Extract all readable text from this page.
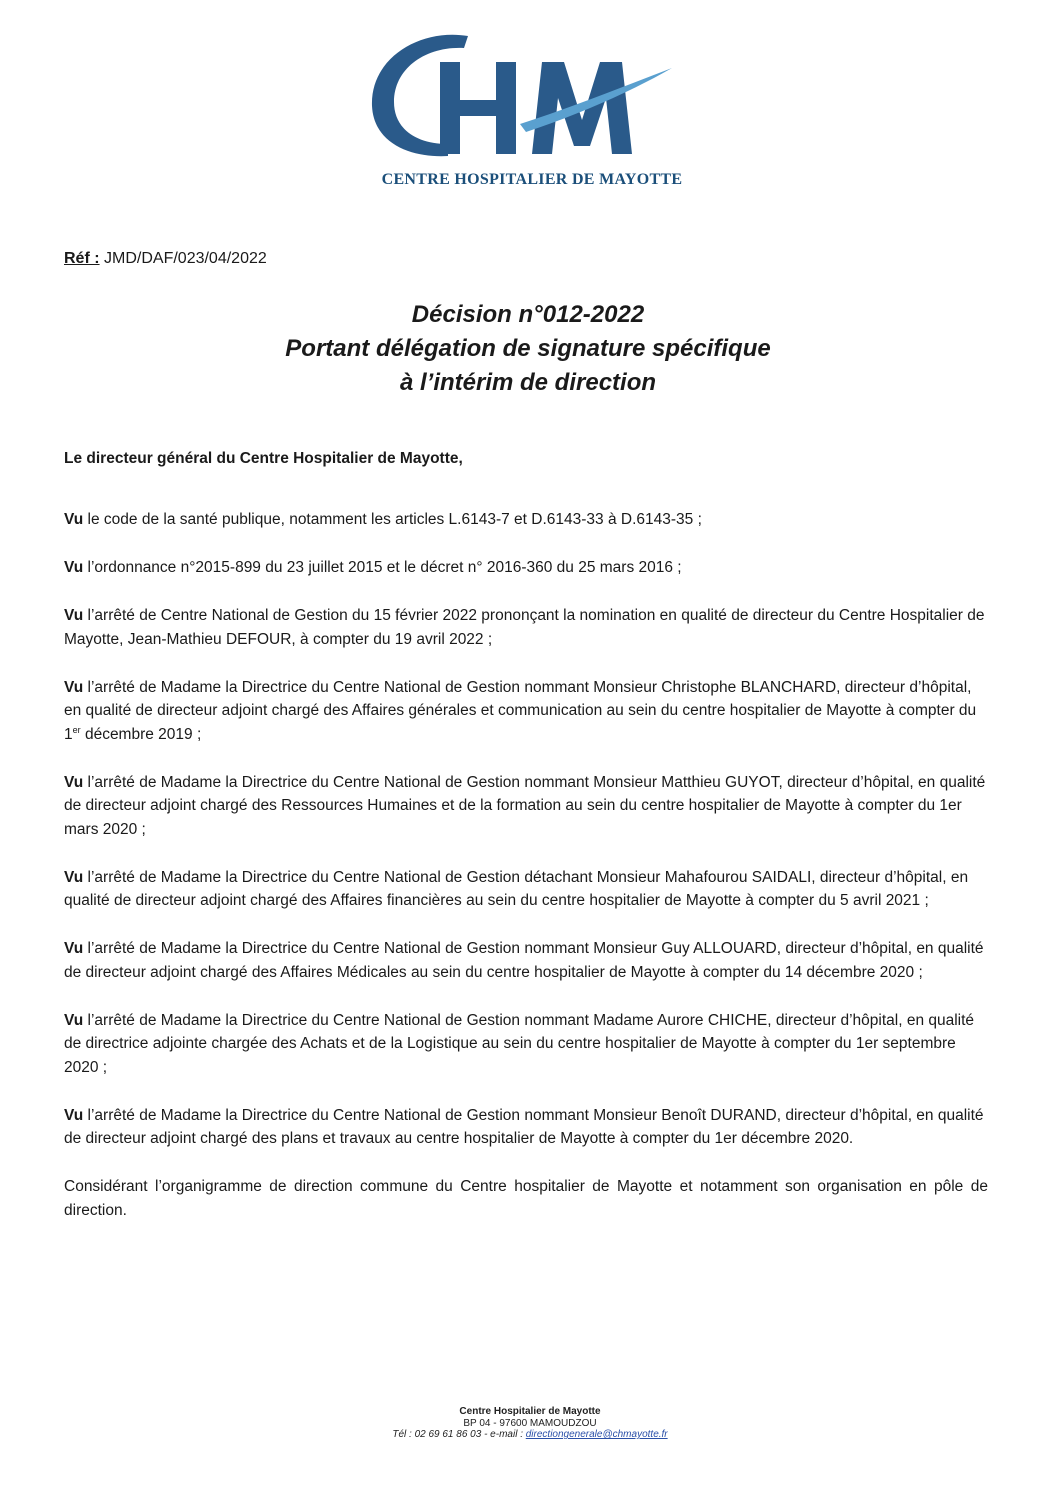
CENTRE HOSPITALIER DE MAYOTTE
Réf : JMD/DAF/023/04/2022
Décision n°012-2022
Portant délégation de signature spécifique
à l’intérim de direction
Le directeur général du Centre Hospitalier de Mayotte,

Vu le code de la santé publique, notamment les articles L.6143-7 et D.6143-33 à D.6143-35 ;

Vu l’ordonnance n°2015-899 du 23 juillet 2015 et le décret n° 2016-360 du 25 mars 2016 ;

Vu l’arrêté de Centre National de Gestion du 15 février 2022 prononçant la nomination en qualité de directeur du Centre Hospitalier de Mayotte, Jean-Mathieu DEFOUR, à compter du 19 avril 2022 ;

Vu l’arrêté de Madame la Directrice du Centre National de Gestion nommant Monsieur Christophe BLANCHARD, directeur d’hôpital, en qualité de directeur adjoint chargé des Affaires générales et communication au sein du centre hospitalier de Mayotte à compter du 1er décembre 2019 ;

Vu l’arrêté de Madame la Directrice du Centre National de Gestion nommant Monsieur Matthieu GUYOT, directeur d’hôpital, en qualité de directeur adjoint chargé des Ressources Humaines et de la formation au sein du centre hospitalier de Mayotte à compter du 1er mars 2020 ;

Vu l’arrêté de Madame la Directrice du Centre National de Gestion détachant Monsieur Mahafourou SAIDALI, directeur d’hôpital, en qualité de directeur adjoint chargé des Affaires financières au sein du centre hospitalier de Mayotte à compter du 5 avril 2021 ;

Vu l’arrêté de Madame la Directrice du Centre National de Gestion nommant Monsieur Guy ALLOUARD, directeur d’hôpital, en qualité de directeur adjoint chargé des Affaires Médicales au sein du centre hospitalier de Mayotte à compter du 14 décembre 2020 ;

Vu l’arrêté de Madame la Directrice du Centre National de Gestion nommant Madame Aurore CHICHE, directeur d’hôpital, en qualité de directrice adjointe chargée des Achats et de la Logistique au sein du centre hospitalier de Mayotte à compter du 1er septembre 2020 ;

Vu l’arrêté de Madame la Directrice du Centre National de Gestion nommant Monsieur Benoît DURAND, directeur d’hôpital, en qualité de directeur adjoint chargé des plans et travaux au centre hospitalier de Mayotte à compter du 1er décembre 2020.

Considérant l’organigramme de direction commune du Centre hospitalier de Mayotte et notamment son organisation en pôle de direction.

Centre Hospitalier de Mayotte
BP 04 - 97600 MAMOUDZOU
Tél : 02 69 61 86 03 - e-mail : directiongenerale@chmayotte.fr
